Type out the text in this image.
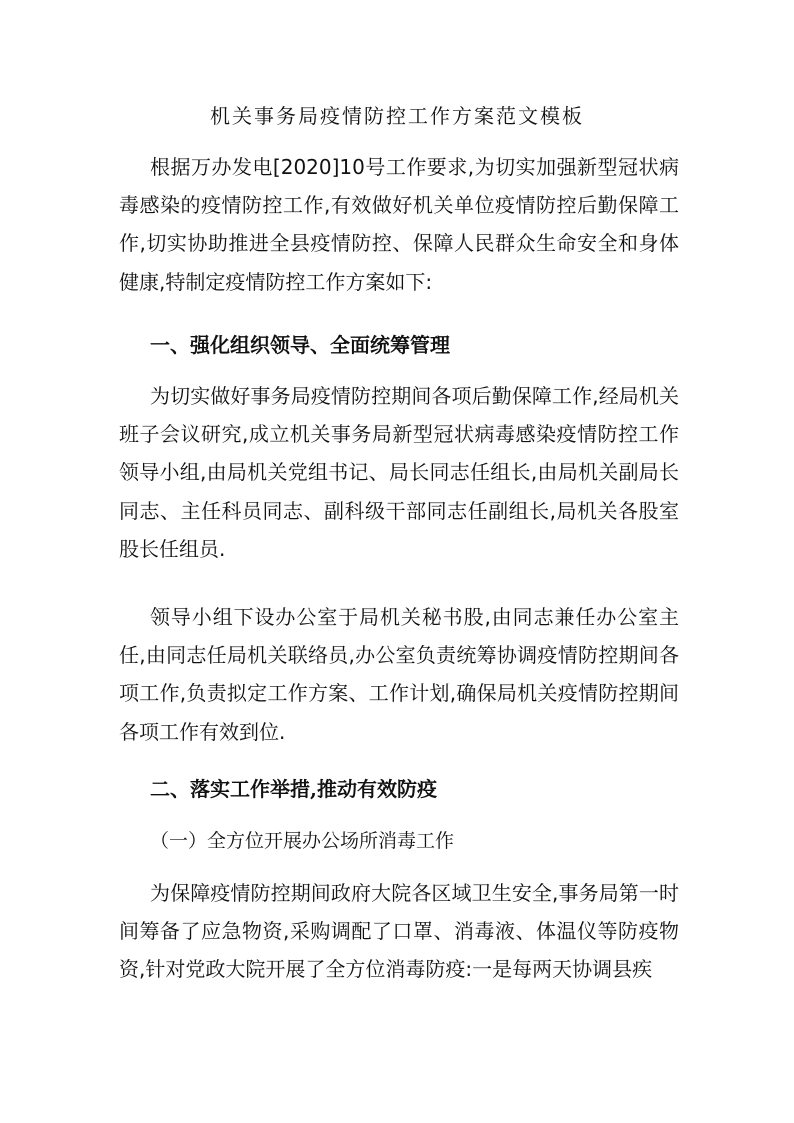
机关事务局疫情防控工作方案范文模板
根据万办发电[2020]10号工作要求,为切实加强新型冠状病毒感染的疫情防控工作,有效做好机关单位疫情防控后勤保障工作,切实协助推进全县疫情防控、保障人民群众生命安全和身体健康,特制定疫情防控工作方案如下:
一、强化组织领导、全面统筹管理
为切实做好事务局疫情防控期间各项后勤保障工作,经局机关班子会议研究,成立机关事务局新型冠状病毒感染疫情防控工作领导小组,由局机关党组书记、局长同志任组长,由局机关副局长同志、主任科员同志、副科级干部同志任副组长,局机关各股室股长任组员.
领导小组下设办公室于局机关秘书股,由同志兼任办公室主任,由同志任局机关联络员,办公室负责统筹协调疫情防控期间各项工作,负责拟定工作方案、工作计划,确保局机关疫情防控期间各项工作有效到位.
二、落实工作举措,推动有效防疫
（一）全方位开展办公场所消毒工作
为保障疫情防控期间政府大院各区域卫生安全,事务局第一时间筹备了应急物资,采购调配了口罩、消毒液、体温仪等防疫物资,针对党政大院开展了全方位消毒防疫:一是每两天协调县疾
